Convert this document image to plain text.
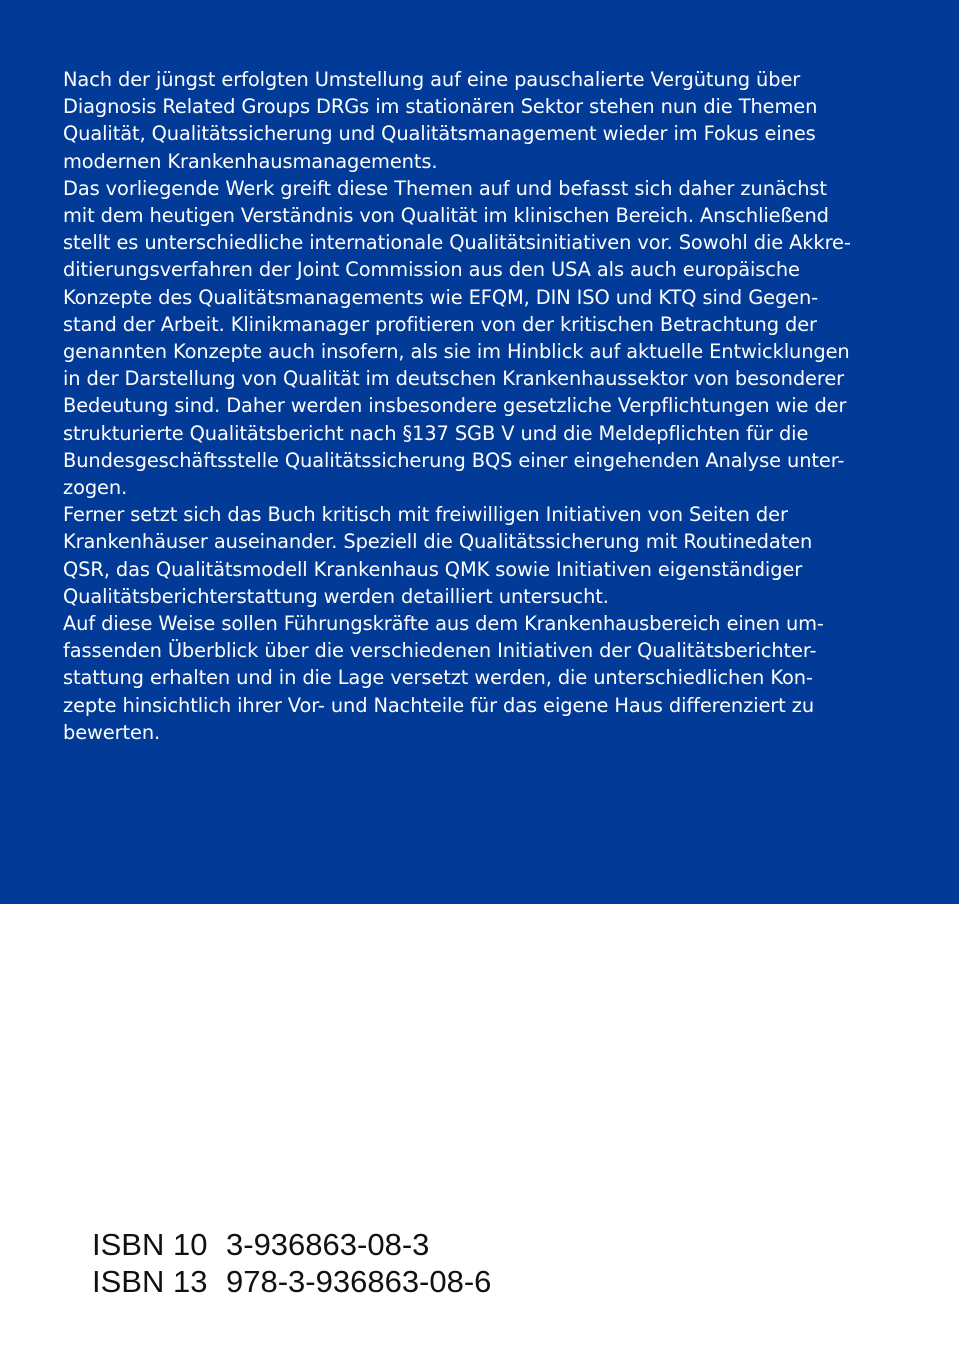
Nach der jüngst erfolgten Umstellung auf eine pauschalierte Vergütung über
Diagnosis Related Groups DRGs im stationären Sektor stehen nun die Themen
Qualität, Qualitätssicherung und Qualitätsmanagement wieder im Fokus eines
modernen Krankenhausmanagements.
Das vorliegende Werk greift diese Themen auf und befasst sich daher zunächst
mit dem heutigen Verständnis von Qualität im klinischen Bereich. Anschließend
stellt es unterschiedliche internationale Qualitätsinitiativen vor. Sowohl die Akkre-
ditierungsverfahren der Joint Commission aus den USA als auch europäische
Konzepte des Qualitätsmanagements wie EFQM, DIN ISO und KTQ sind Gegen-
stand der Arbeit. Klinikmanager profitieren von der kritischen Betrachtung der
genannten Konzepte auch insofern, als sie im Hinblick auf aktuelle Entwicklungen
in der Darstellung von Qualität im deutschen Krankenhaussektor von besonderer
Bedeutung sind. Daher werden insbesondere gesetzliche Verpflichtungen wie der
strukturierte Qualitätsbericht nach §137 SGB V und die Meldepflichten für die
Bundesgeschäftsstelle Qualitätssicherung BQS einer eingehenden Analyse unter-
zogen.
Ferner setzt sich das Buch kritisch mit freiwilligen Initiativen von Seiten der
Krankenhäuser auseinander. Speziell die Qualitätssicherung mit Routinedaten
QSR, das Qualitätsmodell Krankenhaus QMK sowie Initiativen eigenständiger
Qualitätsberichterstattung werden detailliert untersucht.
Auf diese Weise sollen Führungskräfte aus dem Krankenhausbereich einen um-
fassenden Überblick über die verschiedenen Initiativen der Qualitätsberichter-
stattung erhalten und in die Lage versetzt werden, die unterschiedlichen Kon-
zepte hinsichtlich ihrer Vor- und Nachteile für das eigene Haus differenziert zu
bewerten.
ISBN 10 3-936863-08-3
ISBN 13 978-3-936863-08-6
